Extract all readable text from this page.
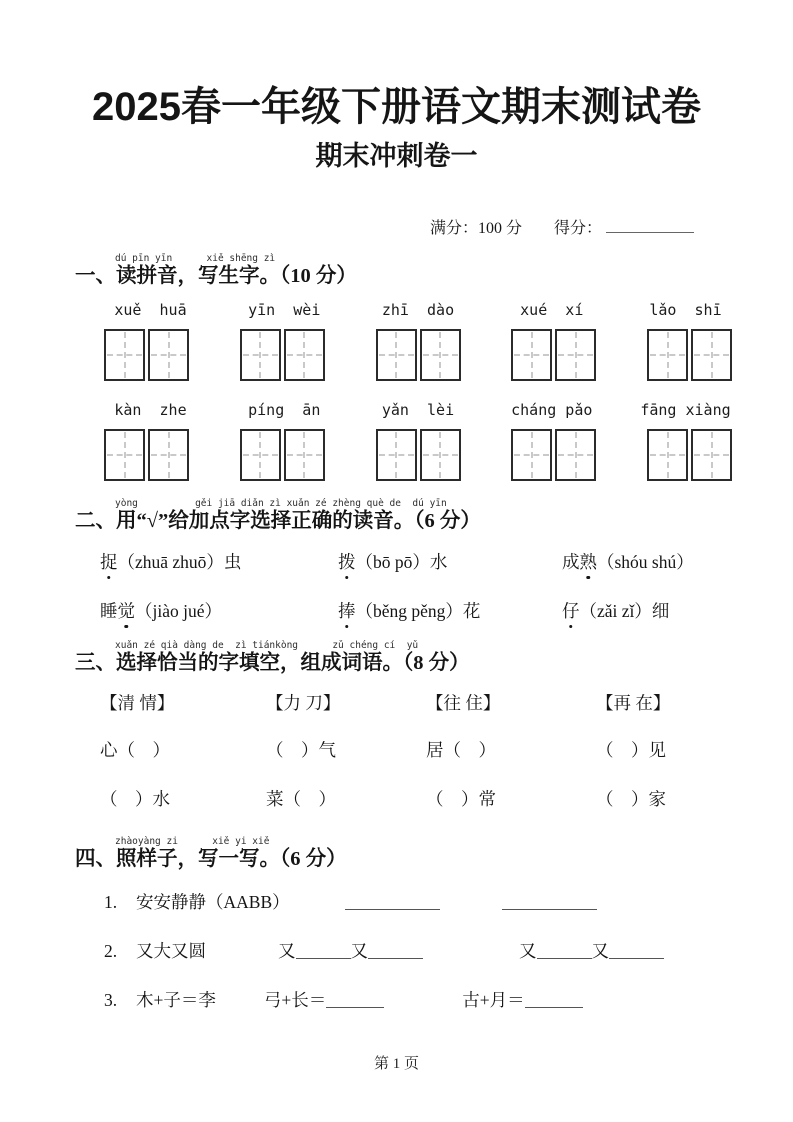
2025春一年级下册语文期末测试卷
期末冲刺卷一
满分：100 分 得分：
dú pīn yīn      xiě shēng zì
一、读拼音，写生字。（10 分）
xuě  huā	yīn  wèi	zhī  dào	xué  xí	lǎo  shī
kàn  zhe	píng  ān	yǎn  lèi	cháng pǎo	fāng xiàng
yòng          gěi jiā diǎn zì xuǎn zé zhèng què de  dú yīn
二、用“√”给加点字选择正确的读音。（6 分）
捉（zhuā zhuō）虫	拨（bō pō）水	成熟（shóu shú）
睡觉（jiào jué）	捧（běng pěng）花	仔（zǎi zǐ）细
xuǎn zé qià dàng de  zì tiánkòng      zǔ chéng cí  yǔ
三、选择恰当的字填空，组成词语。（8 分）
【清 情】	【力 刀】	【往 住】	【再 在】
心（　）	（　）气	居（　）	（　）见
（　）水	菜（　）	（　）常	（　）家
zhàoyàng zi      xiě yi xiě
四、照样子，写一写。（6 分）
1. 安安静静（AABB）
2. 又大又圆	又	又	又	又
3. 木+子＝李	弓+长＝	古+月＝
第 1 页
